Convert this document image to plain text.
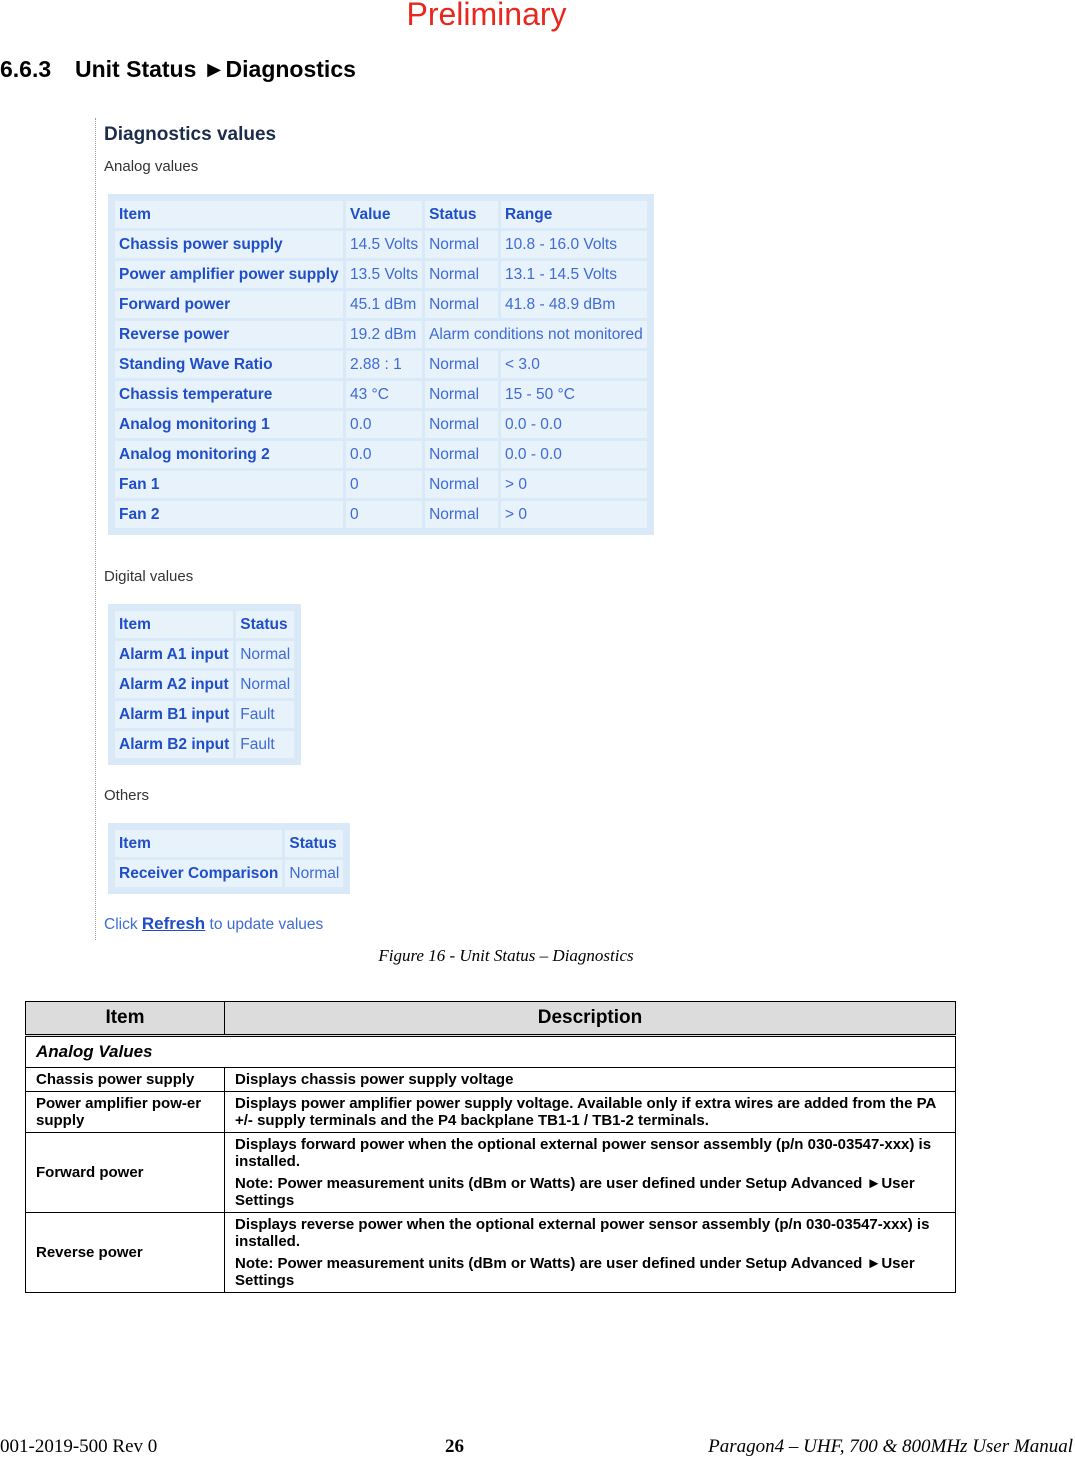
Preliminary
6.6.3 Unit Status ►Diagnostics
Diagnostics values
Analog values
Item	Value	Status	Range
Chassis power supply	14.5 Volts	Normal	10.8 - 16.0 Volts
Power amplifier power supply	13.5 Volts	Normal	13.1 - 14.5 Volts
Forward power	45.1 dBm	Normal	41.8 - 48.9 dBm
Reverse power	19.2 dBm	Alarm conditions not monitored	
Standing Wave Ratio	2.88 : 1	Normal	< 3.0
Chassis temperature	43 °C	Normal	15 - 50 °C
Analog monitoring 1	0.0	Normal	0.0 - 0.0
Analog monitoring 2	0.0	Normal	0.0 - 0.0
Fan 1	0	Normal	> 0
Fan 2	0	Normal	> 0
Digital values
Item	Status
Alarm A1 input	Normal
Alarm A2 input	Normal
Alarm B1 input	Fault
Alarm B2 input	Fault
Others
Item	Status
Receiver Comparison	Normal
Click Refresh to update values
Figure 16 - Unit Status – Diagnostics
Item	Description
Analog Values	
Chassis power supply	Displays chassis power supply voltage

Power amplifier pow-er supply	Displays power amplifier power supply voltage. Available only if extra wires are added from the PA +/- supply terminals and the P4 backplane TB1-1 / TB1-2 terminals.

Forward power	Displays forward power when the optional external power sensor assembly (p/n 030-03547-xxx) is installed.

Note: Power measurement units (dBm or Watts) are user defined under Setup Advanced ►User Settings

Reverse power	Displays reverse power when the optional external power sensor assembly (p/n 030-03547-xxx) is installed.

Note: Power measurement units (dBm or Watts) are user defined under Setup Advanced ►User Settings

001-2019-500 Rev 0	26	Paragon4 – UHF, 700 & 800MHz User Manual
